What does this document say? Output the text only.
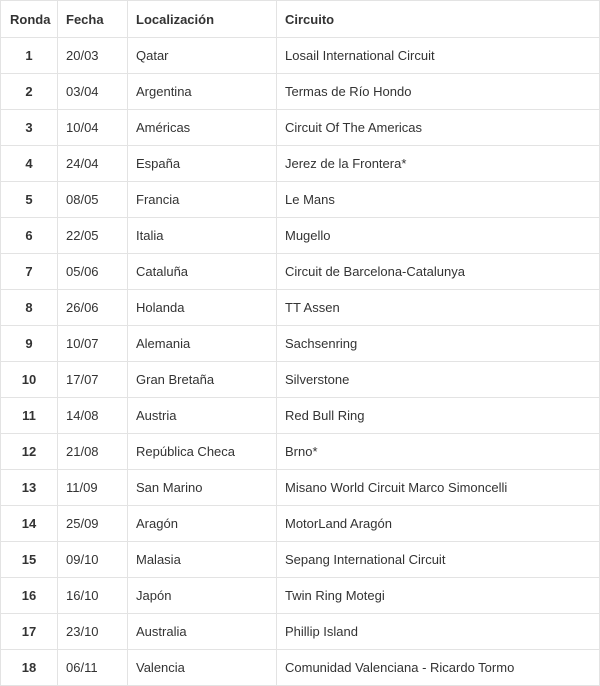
Ronda	Fecha	Localización	Circuito
1	20/03	Qatar	Losail International Circuit
2	03/04	Argentina	Termas de Río Hondo
3	10/04	Américas	Circuit Of The Americas
4	24/04	España	Jerez de la Frontera*
5	08/05	Francia	Le Mans
6	22/05	Italia	Mugello
7	05/06	Cataluña	Circuit de Barcelona-Catalunya
8	26/06	Holanda	TT Assen
9	10/07	Alemania	Sachsenring
10	17/07	Gran Bretaña	Silverstone
11	14/08	Austria	Red Bull Ring
12	21/08	República Checa	Brno*
13	11/09	San Marino	Misano World Circuit Marco Simoncelli
14	25/09	Aragón	MotorLand Aragón
15	09/10	Malasia	Sepang International Circuit
16	16/10	Japón	Twin Ring Motegi
17	23/10	Australia	Phillip Island
18	06/11	Valencia	Comunidad Valenciana - Ricardo Tormo
